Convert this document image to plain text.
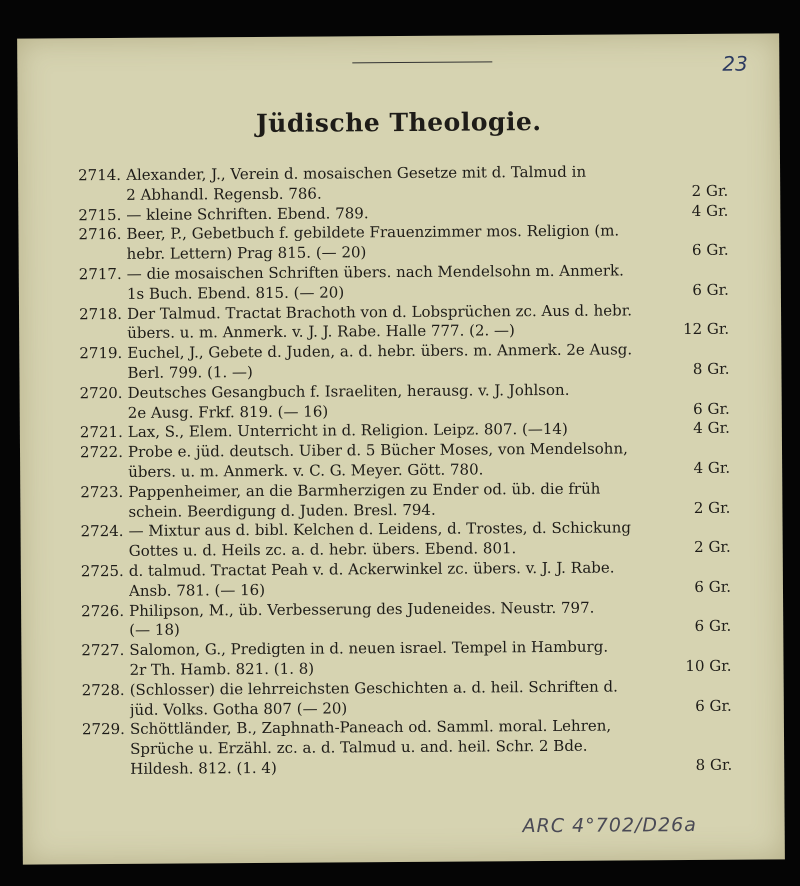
23
Jüdische Theologie.
2714. Alexander, J., Verein d. mosaischen Gesetze mit d. Talmud in
2 Abhandl. Regensb. 786.	2 Gr.
2715. — kleine Schriften. Ebend. 789.	4 Gr.
2716. Beer, P., Gebetbuch f. gebildete Frauenzimmer mos. Religion (m.
hebr. Lettern) Prag 815. (— 20)	6 Gr.
2717. — die mosaischen Schriften übers. nach Mendelsohn m. Anmerk.
1s Buch. Ebend. 815. (— 20)	6 Gr.
2718. Der Talmud. Tractat Brachoth von d. Lobsprüchen zc. Aus d. hebr.
übers. u. m. Anmerk. v. J. J. Rabe. Halle 777. (2. —)	12 Gr.
2719. Euchel, J., Gebete d. Juden, a. d. hebr. übers. m. Anmerk. 2e Ausg.
Berl. 799. (1. —)	8 Gr.
2720. Deutsches Gesangbuch f. Israeliten, herausg. v. J. Johlson.
2e Ausg. Frkf. 819. (— 16)	6 Gr.
2721. Lax, S., Elem. Unterricht in d. Religion. Leipz. 807. (—14)	4 Gr.
2722. Probe e. jüd. deutsch. Uiber d. 5 Bücher Moses, von Mendelsohn,
übers. u. m. Anmerk. v. C. G. Meyer. Gött. 780.	4 Gr.
2723. Pappenheimer, an die Barmherzigen zu Ender od. üb. die früh
schein. Beerdigung d. Juden. Bresl. 794.	2 Gr.
2724. — Mixtur aus d. bibl. Kelchen d. Leidens, d. Trostes, d. Schickung
Gottes u. d. Heils zc. a. d. hebr. übers. Ebend. 801.	2 Gr.
2725. d. talmud. Tractat Peah v. d. Ackerwinkel zc. übers. v. J. J. Rabe.
Ansb. 781. (— 16)	6 Gr.
2726. Philipson, M., üb. Verbesserung des Judeneides. Neustr. 797.
(— 18)	6 Gr.
2727. Salomon, G., Predigten in d. neuen israel. Tempel in Hamburg.
2r Th. Hamb. 821. (1. 8)	10 Gr.
2728. (Schlosser) die lehrreichsten Geschichten a. d. heil. Schriften d.
jüd. Volks. Gotha 807 (— 20)	6 Gr.
2729. Schöttländer, B., Zaphnath-Paneach od. Samml. moral. Lehren,
Sprüche u. Erzähl. zc. a. d. Talmud u. and. heil. Schr. 2 Bde.
Hildesh. 812. (1. 4)	8 Gr.
ARC 4°702/D26a
